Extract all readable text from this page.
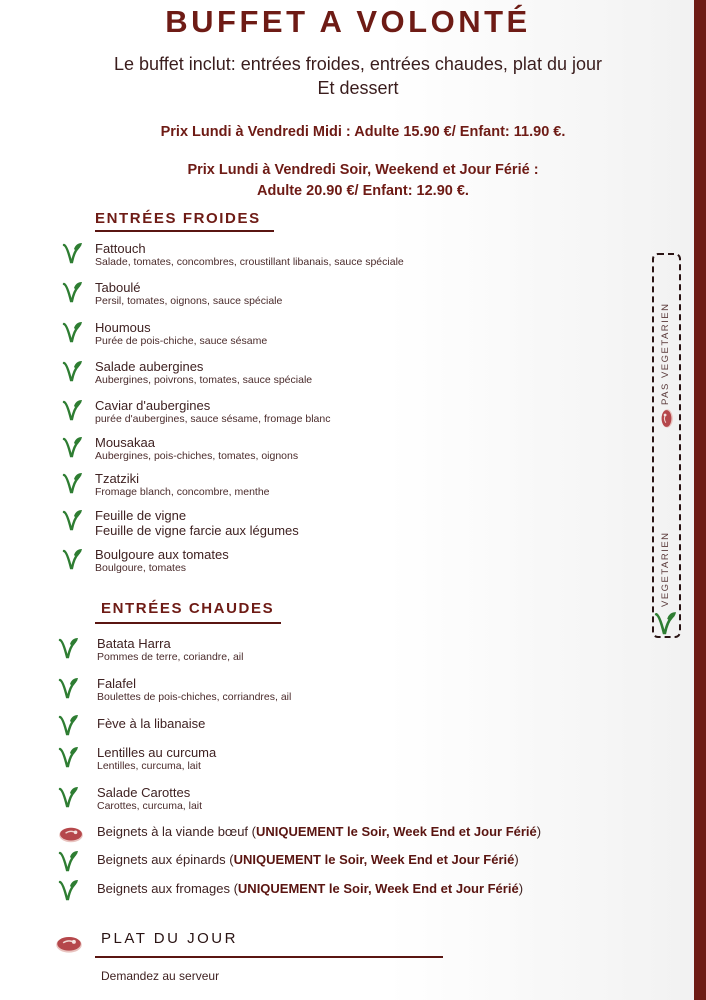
BUFFET A VOLONTÉ
Le buffet inclut: entrées froides, entrées chaudes, plat du jour
Et dessert
Prix Lundi à Vendredi Midi : Adulte 15.90 €/ Enfant: 11.90 €.
Prix Lundi à Vendredi Soir, Weekend et Jour Férié :
Adulte 20.90 €/ Enfant: 12.90 €.
ENTRÉES FROIDES
Fattouch
Salade, tomates, concombres, croustillant libanais, sauce spéciale
Taboulé
Persil, tomates, oignons, sauce spéciale
Houmous
Purée de pois-chiche, sauce sésame
Salade aubergines
Aubergines, poivrons, tomates, sauce spéciale
Caviar d'aubergines
purée d'aubergines, sauce sésame, fromage blanc
Mousakaa
Aubergines, pois-chiches, tomates, oignons
Tzatziki
Fromage blanch, concombre, menthe
Feuille de vigne
Feuille de vigne farcie aux légumes
Boulgoure aux tomates
Boulgoure, tomates
ENTRÉES CHAUDES
Batata Harra
Pommes de terre, coriandre, ail
Falafel
Boulettes de pois-chiches, corriandres, ail
Fève à la libanaise
Lentilles au curcuma
Lentilles, curcuma, lait
Salade Carottes
Carottes, curcuma, lait
Beignets à la viande bœuf (UNIQUEMENT le Soir, Week End et Jour Férié)
Beignets aux épinards (UNIQUEMENT le Soir, Week End et Jour Férié)
Beignets aux fromages (UNIQUEMENT le Soir, Week End et Jour Férié)
PLAT DU JOUR
Demandez au serveur
VEGETARIEN
PAS VEGETARIEN
